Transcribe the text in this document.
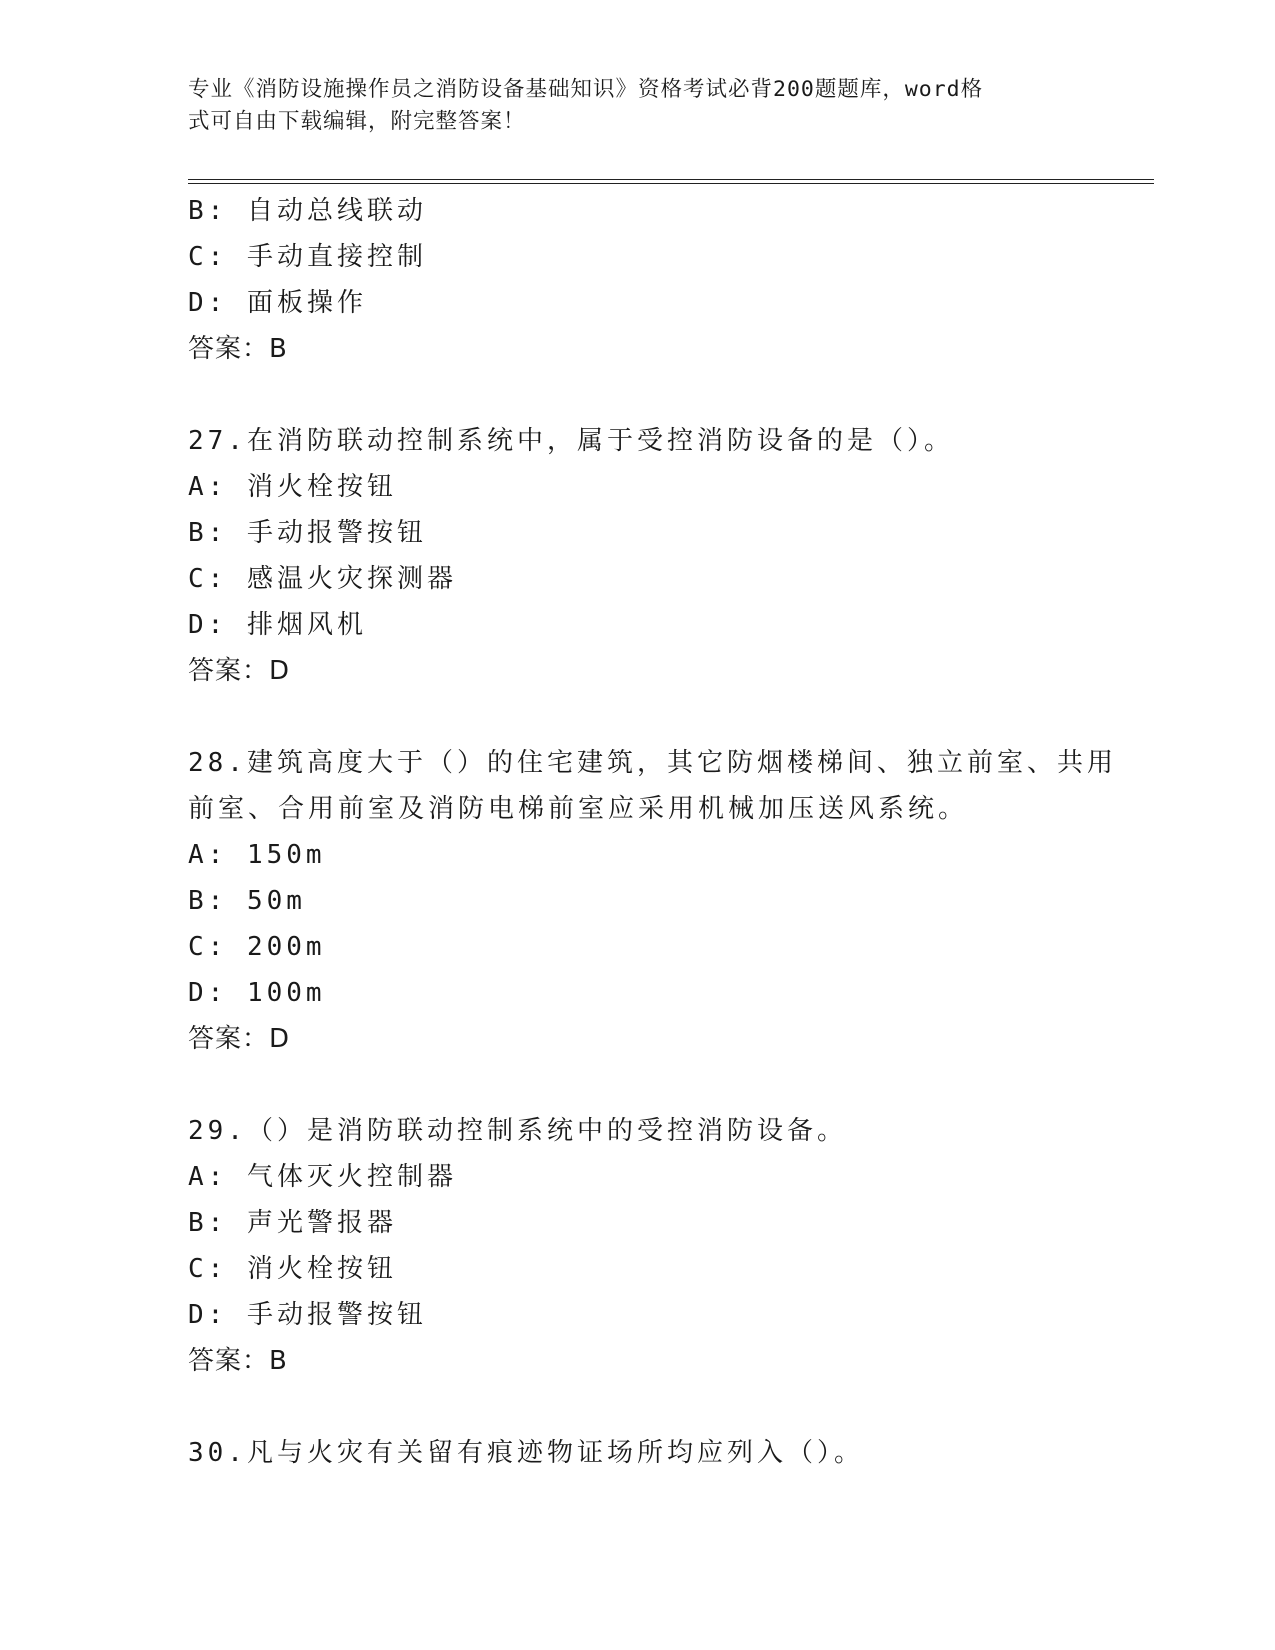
专业《消防设施操作员之消防设备基础知识》资格考试必背200题题库，word格
式可自由下载编辑，附完整答案！
B: 自动总线联动
C: 手动直接控制
D: 面板操作
答案：B
27.在消防联动控制系统中，属于受控消防设备的是（）。
A: 消火栓按钮
B: 手动报警按钮
C: 感温火灾探测器
D: 排烟风机
答案：D
28.建筑高度大于（）的住宅建筑，其它防烟楼梯间、独立前室、共用
前室、合用前室及消防电梯前室应采用机械加压送风系统。
A: 150m
B: 50m
C: 200m
D: 100m
答案：D
29.（）是消防联动控制系统中的受控消防设备。
A: 气体灭火控制器
B: 声光警报器
C: 消火栓按钮
D: 手动报警按钮
答案：B
30.凡与火灾有关留有痕迹物证场所均应列入（）。
